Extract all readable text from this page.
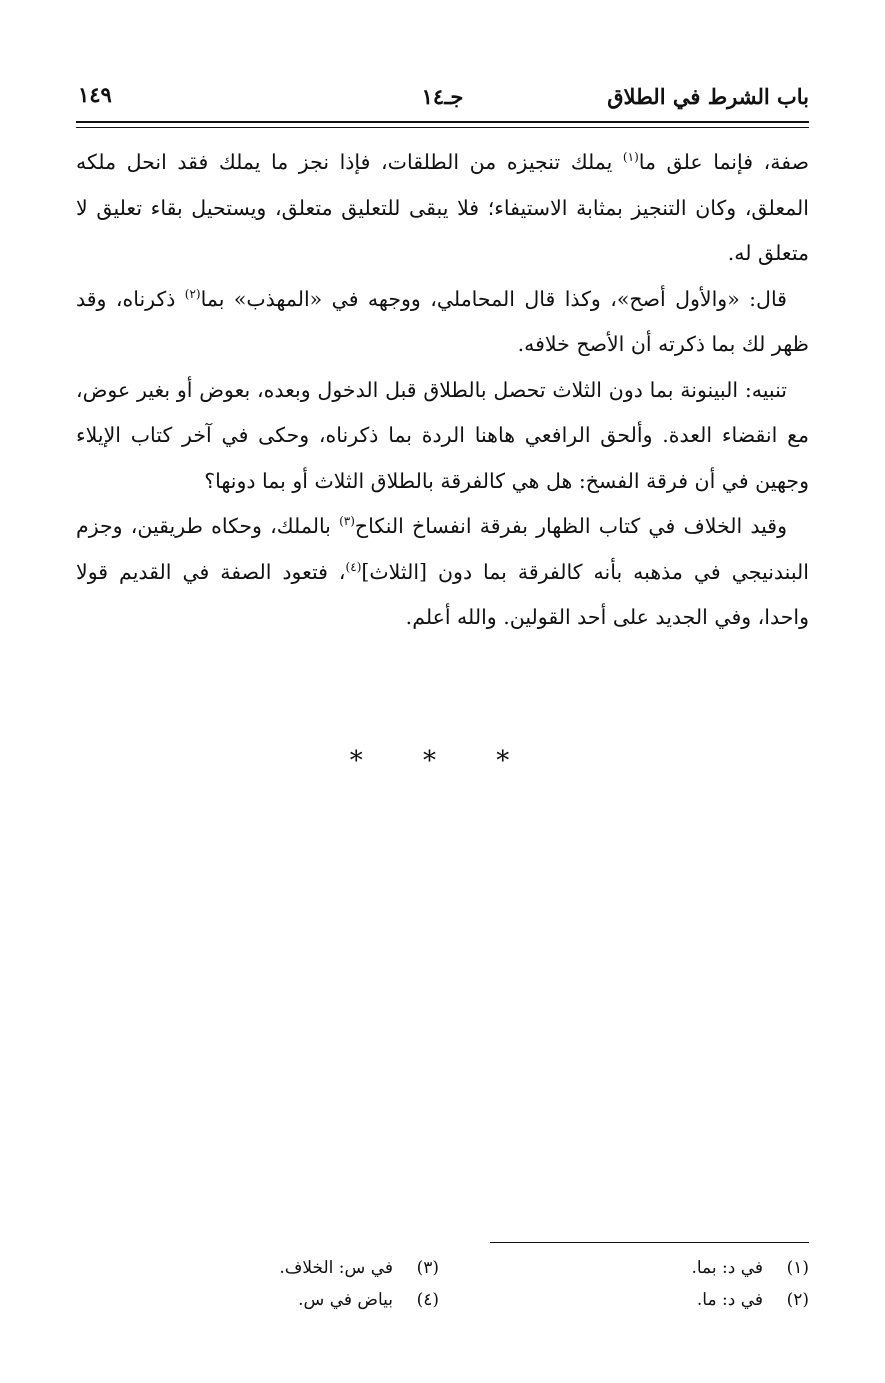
باب الشرط في الطلاق
جـ١٤
١٤٩

صفة، فإنما علق ما$^{(١)}$ يملك تنجيزه من الطلقات، فإذا نجز ما يملك فقد انحل ملكه المعلق، وكان التنجيز بمثابة الاستيفاء؛ فلا يبقى للتعليق متعلق، ويستحيل بقاء تعليق لا متعلق له.

قال: «والأول أصح»، وكذا قال المحاملي، ووجهه في «المهذب» بما$^{(٢)}$ ذكرناه، وقد ظهر لك بما ذكرته أن الأصح خلافه.

تنبيه: البينونة بما دون الثلاث تحصل بالطلاق قبل الدخول وبعده، بعوض أو بغير عوض، مع انقضاء العدة. وألحق الرافعي هاهنا الردة بما ذكرناه، وحكى في آخر كتاب الإيلاء وجهين في أن فرقة الفسخ: هل هي كالفرقة بالطلاق الثلاث أو بما دونها؟

وقيد الخلاف في كتاب الظهار بفرقة انفساخ النكاح$^{(٣)}$ بالملك، وحكاه طريقين، وجزم البندنيجي في مذهبه بأنه كالفرقة بما دون [الثلاث]$^{(٤)}$، فتعود الصفة في القديم قولا واحدا، وفي الجديد على أحد القولين. والله أعلم.

* * *
(١)في د: بما.
(٢)في د: ما.
(٣)في س: الخلاف.
(٤)بياض في س.
